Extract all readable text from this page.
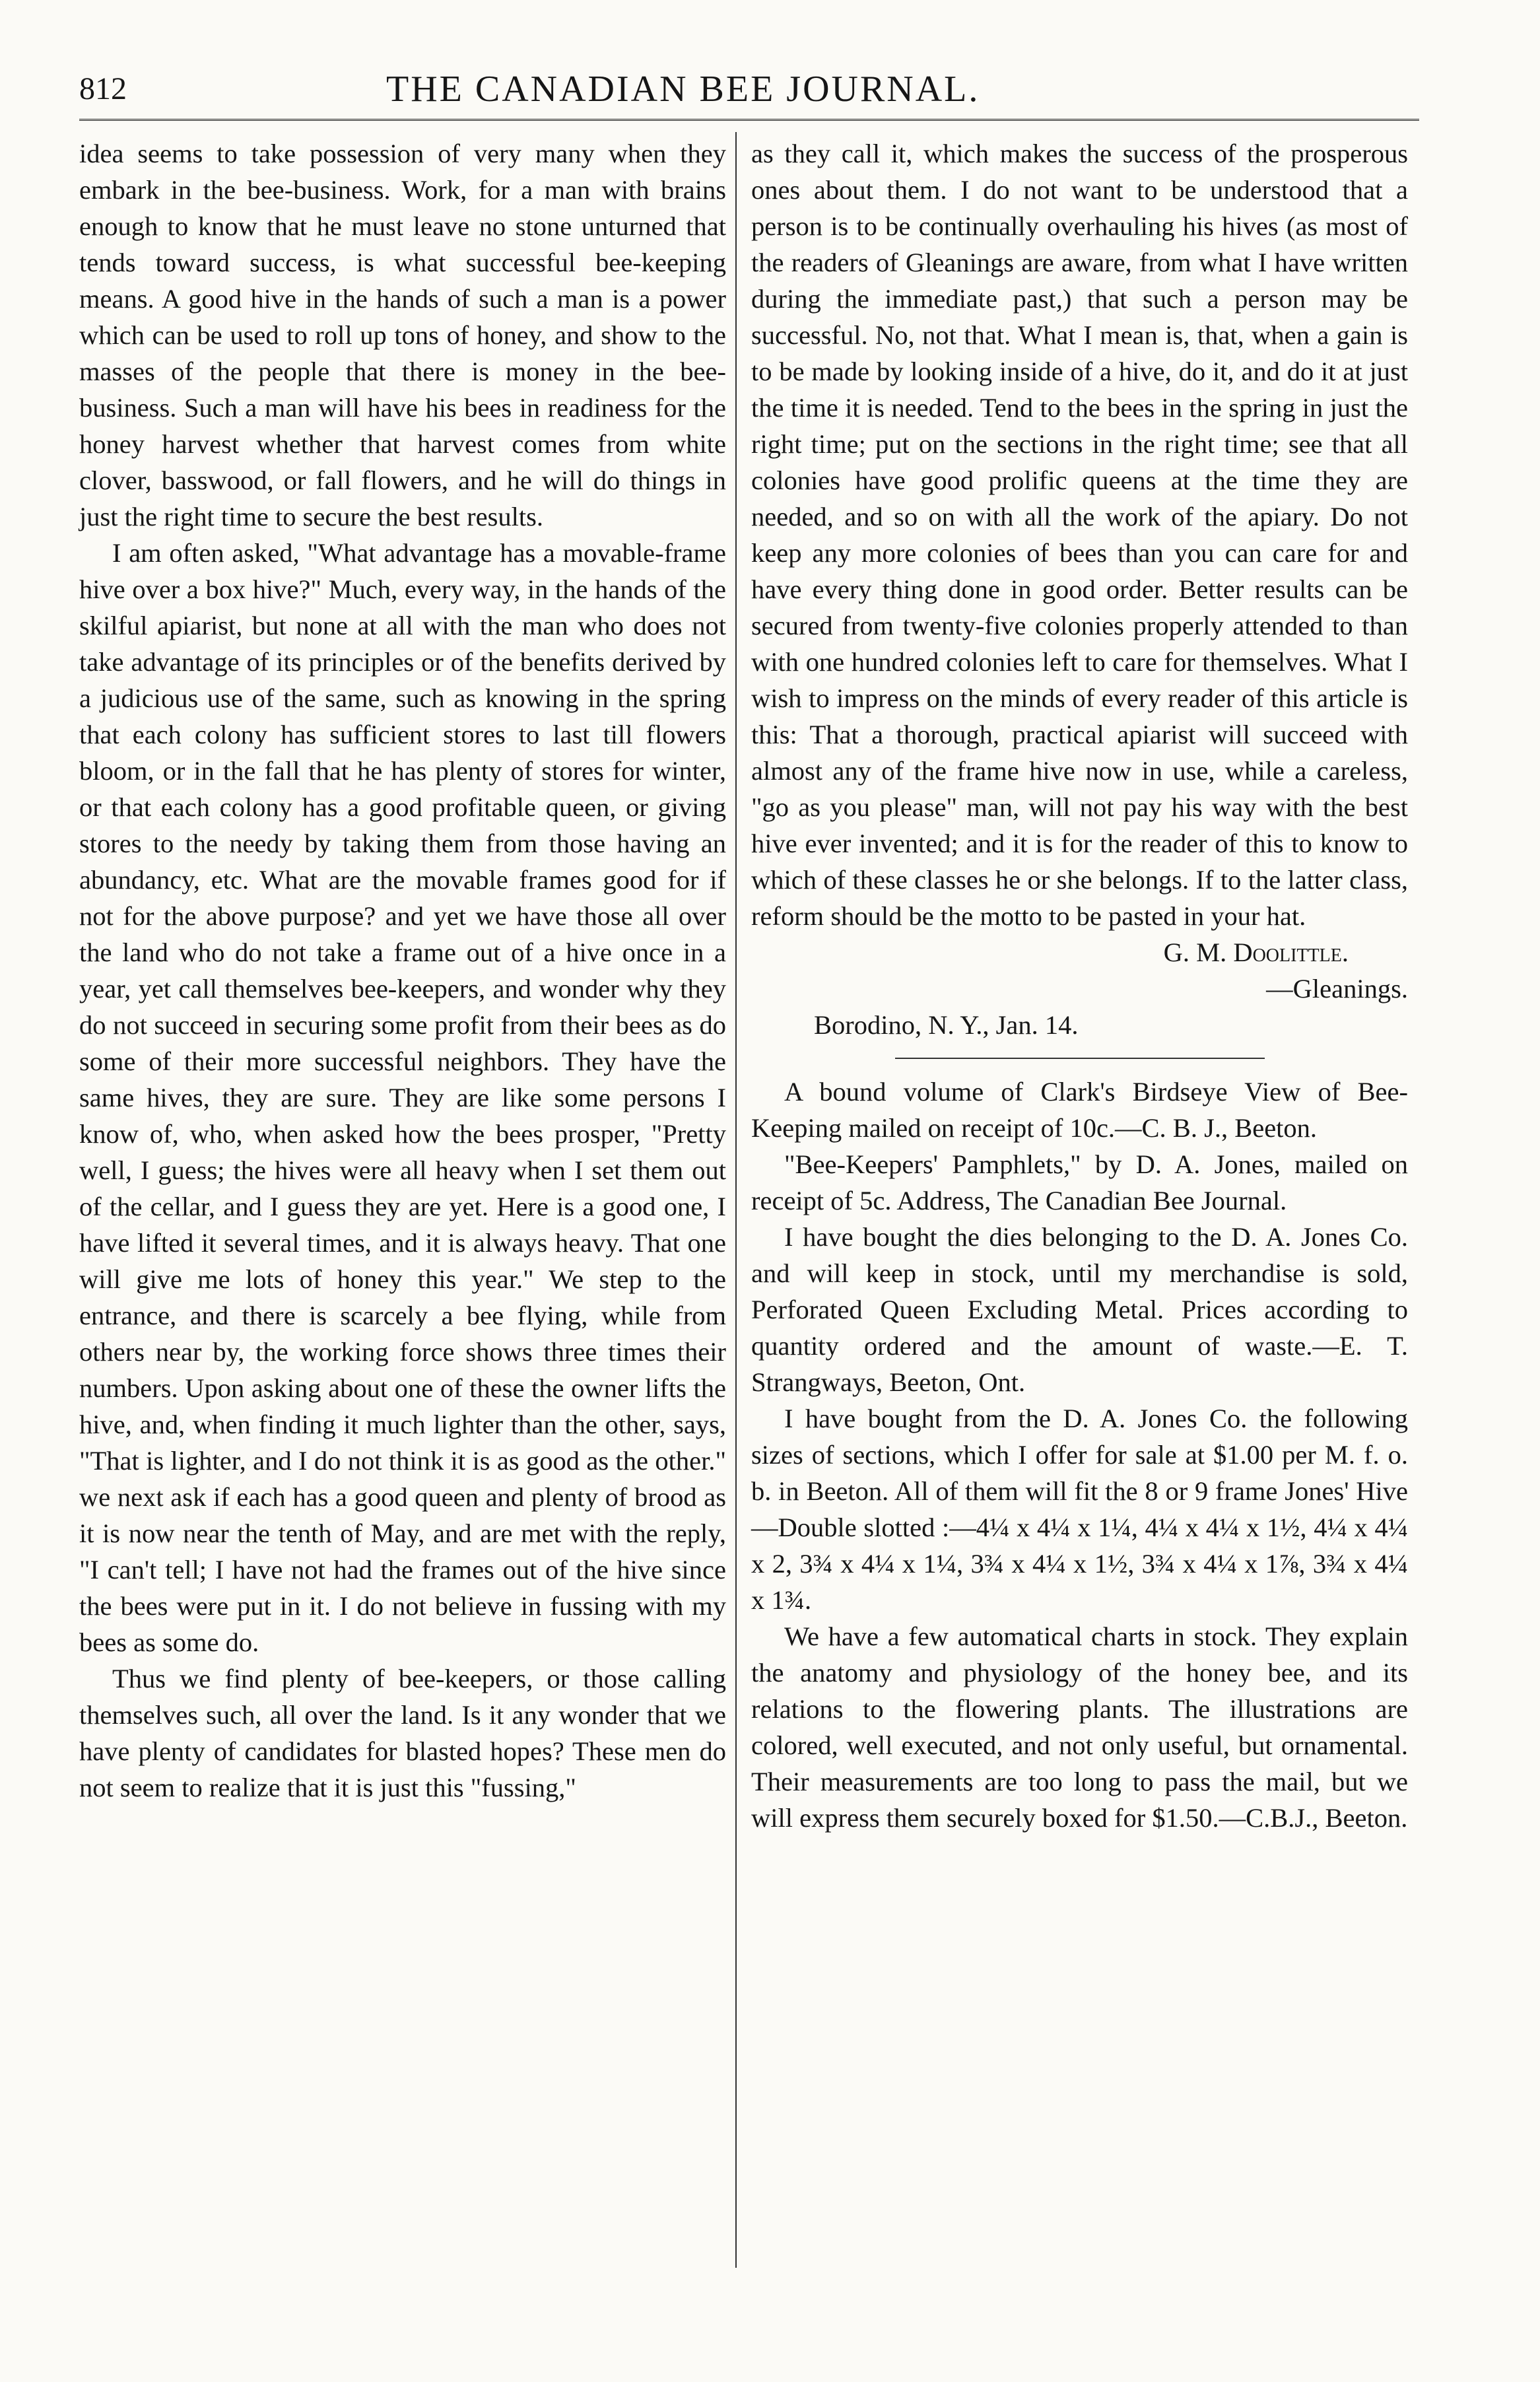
812	THE CANADIAN BEE JOURNAL.

idea seems to take possession of very many when they embark in the bee-business. Work, for a man with brains enough to know that he must leave no stone unturned that tends toward success, is what successful bee-keeping means. A good hive in the hands of such a man is a power which can be used to roll up tons of honey, and show to the masses of the people that there is money in the bee-business. Such a man will have his bees in readiness for the honey harvest whether that harvest comes from white clover, basswood, or fall flowers, and he will do things in just the right time to secure the best results.

I am often asked, "What advantage has a movable-frame hive over a box hive?" Much, every way, in the hands of the skilful apiarist, but none at all with the man who does not take advantage of its principles or of the benefits derived by a judicious use of the same, such as knowing in the spring that each colony has sufficient stores to last till flowers bloom, or in the fall that he has plenty of stores for winter, or that each colony has a good profitable queen, or giving stores to the needy by taking them from those having an abundancy, etc. What are the movable frames good for if not for the above purpose? and yet we have those all over the land who do not take a frame out of a hive once in a year, yet call themselves bee-keepers, and wonder why they do not succeed in securing some profit from their bees as do some of their more successful neighbors. They have the same hives, they are sure. They are like some persons I know of, who, when asked how the bees prosper, "Pretty well, I guess; the hives were all heavy when I set them out of the cellar, and I guess they are yet. Here is a good one, I have lifted it several times, and it is always heavy. That one will give me lots of honey this year." We step to the entrance, and there is scarcely a bee flying, while from others near by, the working force shows three times their numbers. Upon asking about one of these the owner lifts the hive, and, when finding it much lighter than the other, says, "That is lighter, and I do not think it is as good as the other." we next ask if each has a good queen and plenty of brood as it is now near the tenth of May, and are met with the reply, "I can't tell; I have not had the frames out of the hive since the bees were put in it. I do not believe in fussing with my bees as some do.

Thus we find plenty of bee-keepers, or those calling themselves such, all over the land. Is it any wonder that we have plenty of candidates for blasted hopes? These men do not seem to realize that it is just this "fussing,"

as they call it, which makes the success of the prosperous ones about them. I do not want to be understood that a person is to be continually overhauling his hives (as most of the readers of Gleanings are aware, from what I have written during the immediate past,) that such a person may be successful. No, not that. What I mean is, that, when a gain is to be made by looking inside of a hive, do it, and do it at just the time it is needed. Tend to the bees in the spring in just the right time; put on the sections in the right time; see that all colonies have good prolific queens at the time they are needed, and so on with all the work of the apiary. Do not keep any more colonies of bees than you can care for and have every thing done in good order. Better results can be secured from twenty-five colonies properly attended to than with one hundred colonies left to care for themselves. What I wish to impress on the minds of every reader of this article is this: That a thorough, practical apiarist will succeed with almost any of the frame hive now in use, while a careless, "go as you please" man, will not pay his way with the best hive ever invented; and it is for the reader of this to know to which of these classes he or she belongs. If to the latter class, reform should be the motto to be pasted in your hat.

G. M. Doolittle.

—Gleanings.

Borodino, N. Y., Jan. 14.

A bound volume of Clark's Birdseye View of Bee-Keeping mailed on receipt of 10c.—C. B. J., Beeton.

"Bee-Keepers' Pamphlets," by D. A. Jones, mailed on receipt of 5c. Address, The Canadian Bee Journal.

I have bought the dies belonging to the D. A. Jones Co. and will keep in stock, until my merchandise is sold, Perforated Queen Excluding Metal. Prices according to quantity ordered and the amount of waste.—E. T. Strangways, Beeton, Ont.

I have bought from the D. A. Jones Co. the following sizes of sections, which I offer for sale at $1.00 per M. f. o. b. in Beeton. All of them will fit the 8 or 9 frame Jones' Hive—Double slotted :—4¼ x 4¼ x 1¼, 4¼ x 4¼ x 1½, 4¼ x 4¼ x 2, 3¾ x 4¼ x 1¼, 3¾ x 4¼ x 1½, 3¾ x 4¼ x 1⅞, 3¾ x 4¼ x 1¾.

We have a few automatical charts in stock. They explain the anatomy and physiology of the honey bee, and its relations to the flowering plants. The illustrations are colored, well executed, and not only useful, but ornamental. Their measurements are too long to pass the mail, but we will express them securely boxed for $1.50.—C.B.J., Beeton.
